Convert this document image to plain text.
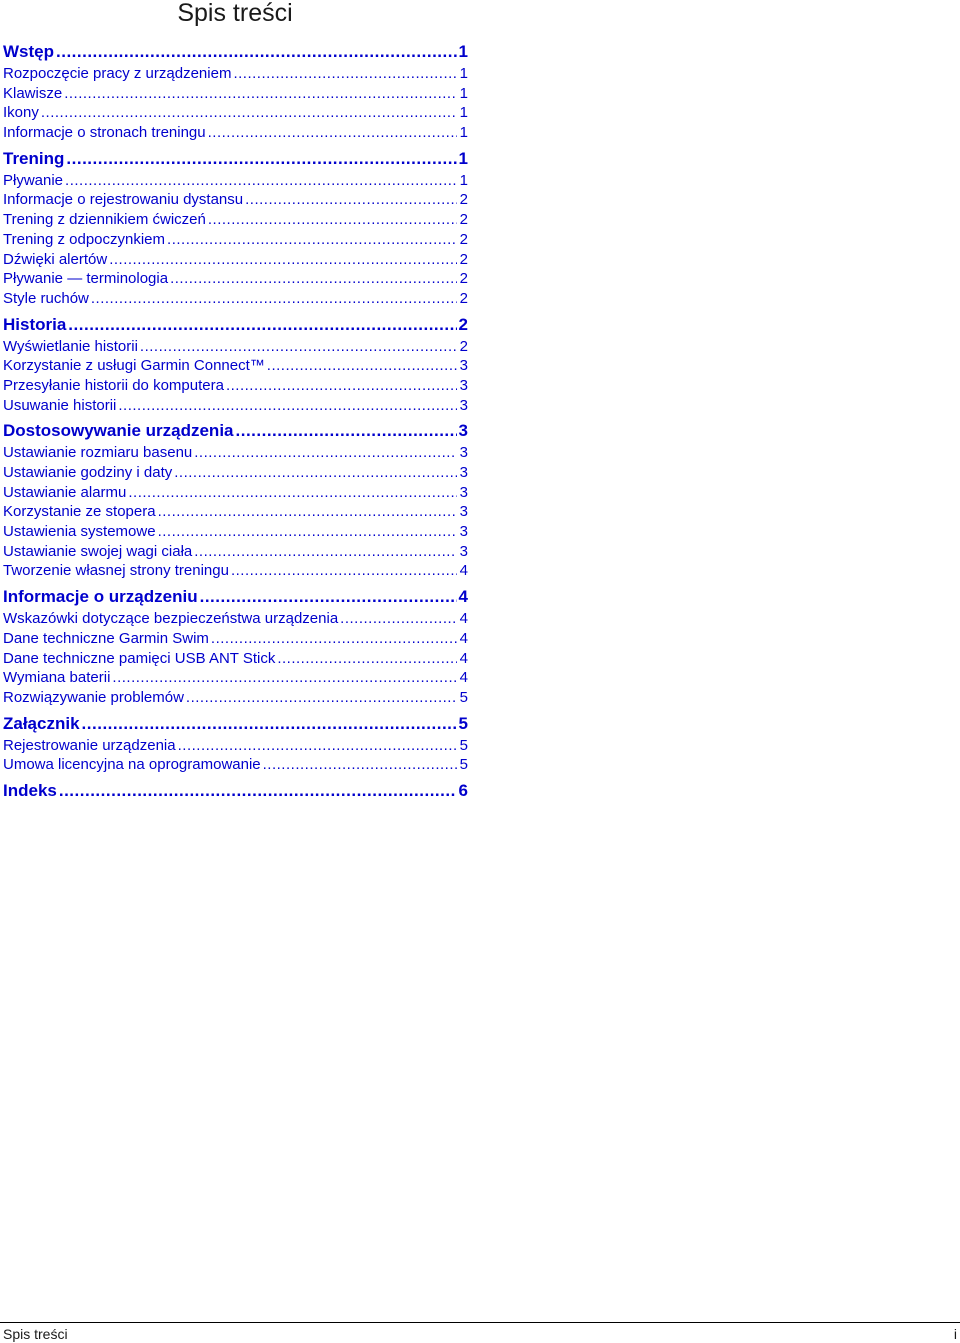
Spis treści
Wstęp .....	1
Rozpoczęcie pracy z urządzeniem .....	1
Klawisze .....	1
Ikony .....	1
Informacje o stronach treningu .....	1
Trening .....	1
Pływanie .....	1
Informacje o rejestrowaniu dystansu .....	2
Trening z dziennikiem ćwiczeń .....	2
Trening z odpoczynkiem .....	2
Dźwięki alertów .....	2
Pływanie — terminologia .....	2
Style ruchów .....	2
Historia .....	2
Wyświetlanie historii .....	2
Korzystanie z usługi Garmin Connect™ .....	3
Przesyłanie historii do komputera .....	3
Usuwanie historii .....	3
Dostosowywanie urządzenia .....	3
Ustawianie rozmiaru basenu .....	3
Ustawianie godziny i daty .....	3
Ustawianie alarmu .....	3
Korzystanie ze stopera .....	3
Ustawienia systemowe .....	3
Ustawianie swojej wagi ciała .....	3
Tworzenie własnej strony treningu .....	4
Informacje o urządzeniu .....	4
Wskazówki dotyczące bezpieczeństwa urządzenia .....	4
Dane techniczne Garmin Swim .....	4
Dane techniczne pamięci USB ANT Stick .....	4
Wymiana baterii .....	4
Rozwiązywanie problemów .....	5
Załącznik .....	5
Rejestrowanie urządzenia .....	5
Umowa licencyjna na oprogramowanie .....	5
Indeks .....	6
Spis treści	i
